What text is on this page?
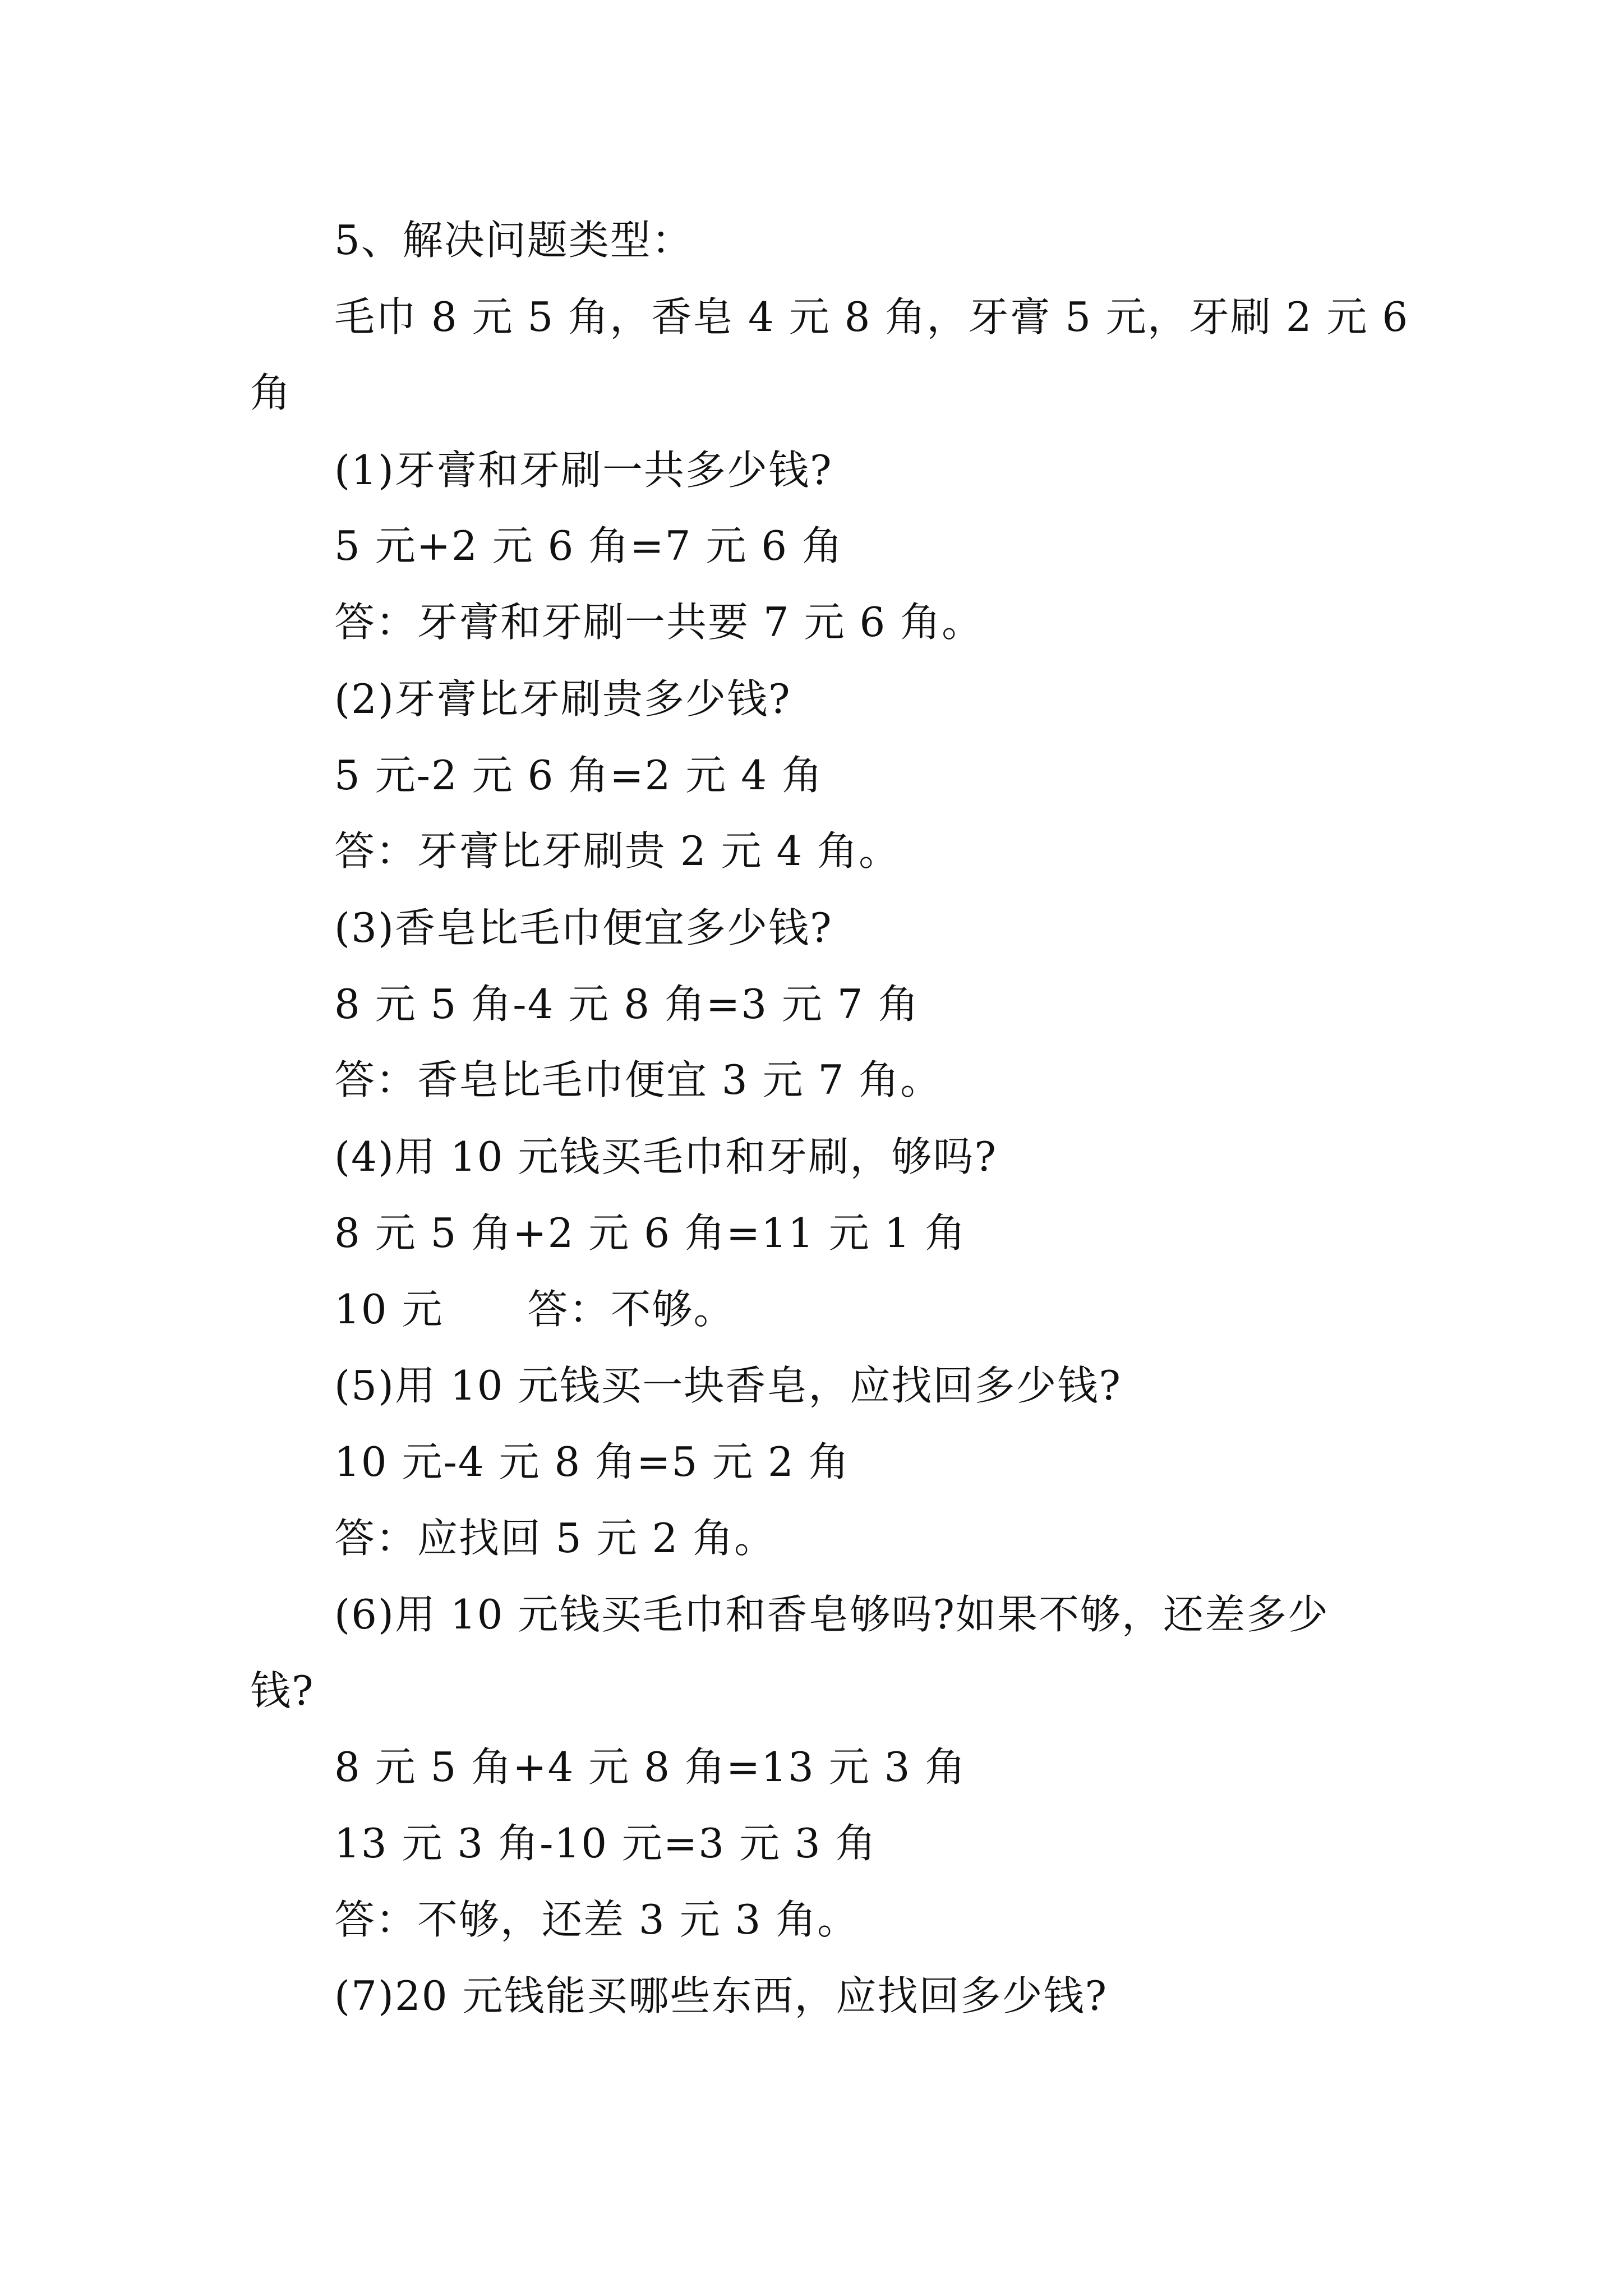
5、解决问题类型：
毛巾 8 元 5 角，香皂 4 元 8 角，牙膏 5 元，牙刷 2 元 6
角
(1)牙膏和牙刷一共多少钱?
5 元+2 元 6 角=7 元 6 角
答：牙膏和牙刷一共要 7 元 6 角。
(2)牙膏比牙刷贵多少钱?
5 元-2 元 6 角=2 元 4 角
答：牙膏比牙刷贵 2 元 4 角。
(3)香皂比毛巾便宜多少钱?
8 元 5 角-4 元 8 角=3 元 7 角
答：香皂比毛巾便宜 3 元 7 角。
(4)用 10 元钱买毛巾和牙刷，够吗?
8 元 5 角+2 元 6 角=11 元 1 角
10 元 答：不够。
(5)用 10 元钱买一块香皂，应找回多少钱?
10 元-4 元 8 角=5 元 2 角
答：应找回 5 元 2 角。
(6)用 10 元钱买毛巾和香皂够吗?如果不够，还差多少
钱?
8 元 5 角+4 元 8 角=13 元 3 角
13 元 3 角-10 元=3 元 3 角
答：不够，还差 3 元 3 角。
(7)20 元钱能买哪些东西，应找回多少钱?
